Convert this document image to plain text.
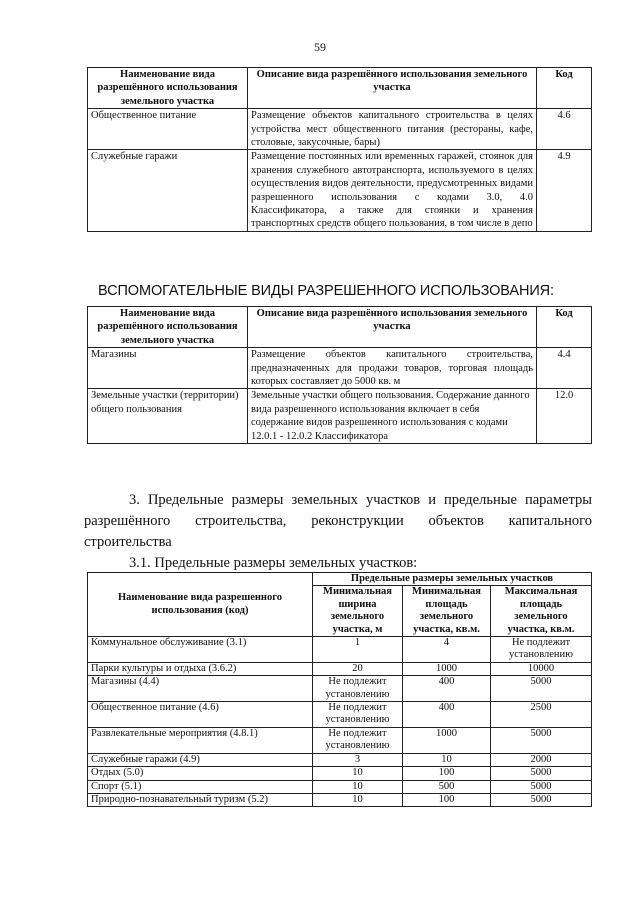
59
Наименование вида разрешённого использования земельного участка	Описание вида разрешённого использования земельного участка	Код
Общественное питание	Размещение объектов капитального строительства в целях устройства мест общественного питания (рестораны, кафе, столовые, закусочные, бары)	4.6
Служебные гаражи	Размещение постоянных или временных гаражей, стоянок для хранения служебного автотранспорта, используемого в целях осуществления видов деятельности, предусмотренных видами разрешенного использования с кодами 3.0, 4.0 Классификатора, а также для стоянки и хранения транспортных средств общего пользования, в том числе в депо	4.9
ВСПОМОГАТЕЛЬНЫЕ ВИДЫ РАЗРЕШЕННОГО ИСПОЛЬЗОВАНИЯ:
Наименование вида разрешённого использования земельного участка	Описание вида разрешённого использования земельного участка	Код
Магазины	Размещение объектов капитального строительства, предназначенных для продажи товаров, торговая площадь которых составляет до 5000 кв. м	4.4
Земельные участки (территории) общего пользования	Земельные участки общего пользования. Содержание данного вида разрешенного использования включает в себя содержание видов разрешенного использования с кодами 12.0.1 - 12.0.2 Классификатора	12.0
3. Предельные размеры земельных участков и предельные параметры разрешённого строительства, реконструкции объектов капитального строительства
3.1. Предельные размеры земельных участков:
Наименование вида разрешенного использования (код)	Предельные размеры земельных участков		
	Минимальная ширина земельного участка, м	Минимальная площадь земельного участка, кв.м.	Максимальная площадь земельного участка, кв.м.
Коммунальное обслуживание (3.1)	1	4	Не подлежит установлению
Парки культуры и отдыха (3.6.2)	20	1000	10000
Магазины (4.4)	Не подлежит установлению	400	5000
Общественное питание (4.6)	Не подлежит установлению	400	2500
Развлекательные мероприятия (4.8.1)	Не подлежит установлению	1000	5000
Служебные гаражи (4.9)	3	10	2000
Отдых (5.0)	10	100	5000
Спорт (5.1)	10	500	5000
Природно-познавательный туризм (5.2)	10	100	5000
